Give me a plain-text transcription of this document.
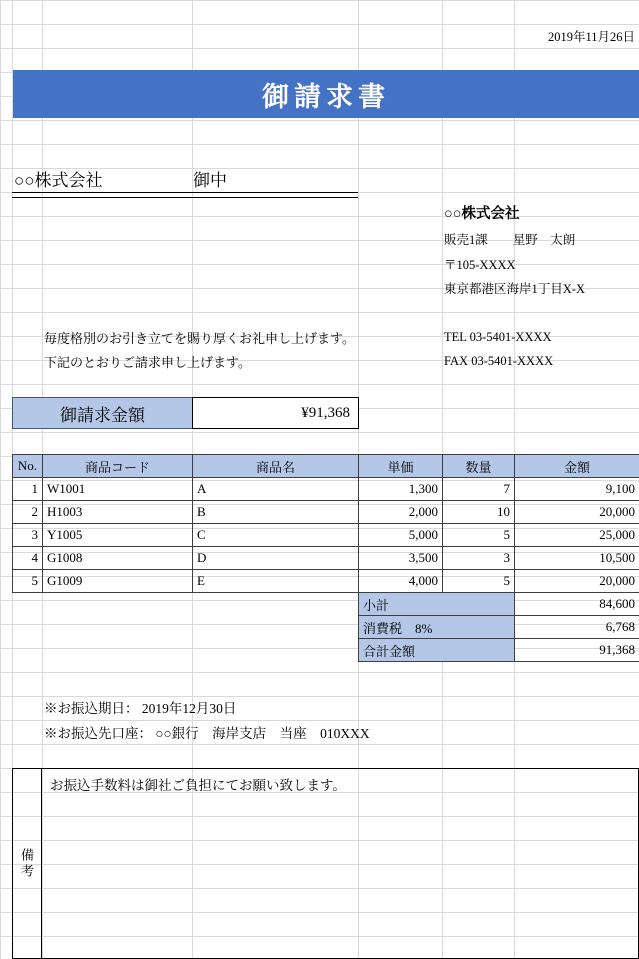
2019年11月26日
御請求書
○○株式会社	御中
○○株式会社
販売1課　　星野　太朗
〒105-XXXX
東京都港区海岸1丁目X-X
TEL 03-5401-XXXX
FAX 03-5401-XXXX
毎度格別のお引き立てを賜り厚くお礼申し上げます。
下記のとおりご請求申し上げます。
御請求金額	¥91,368
No.	商品コード	商品名	単価	数量	金額
1	W1001	A	1,300	7	9,100
2	H1003	B	2,000	10	20,000
3	Y1005	C	5,000	5	25,000
4	G1008	D	3,500	3	10,500
5	G1009	E	4,000	5	20,000
			小計		84,600
			消費税　8%		6,768
			合計金額		91,368
※お振込期日： 2019年12月30日
※お振込先口座： ○○銀行　海岸支店　当座　010XXX
備考
お振込手数料は御社ご負担にてお願い致します。
